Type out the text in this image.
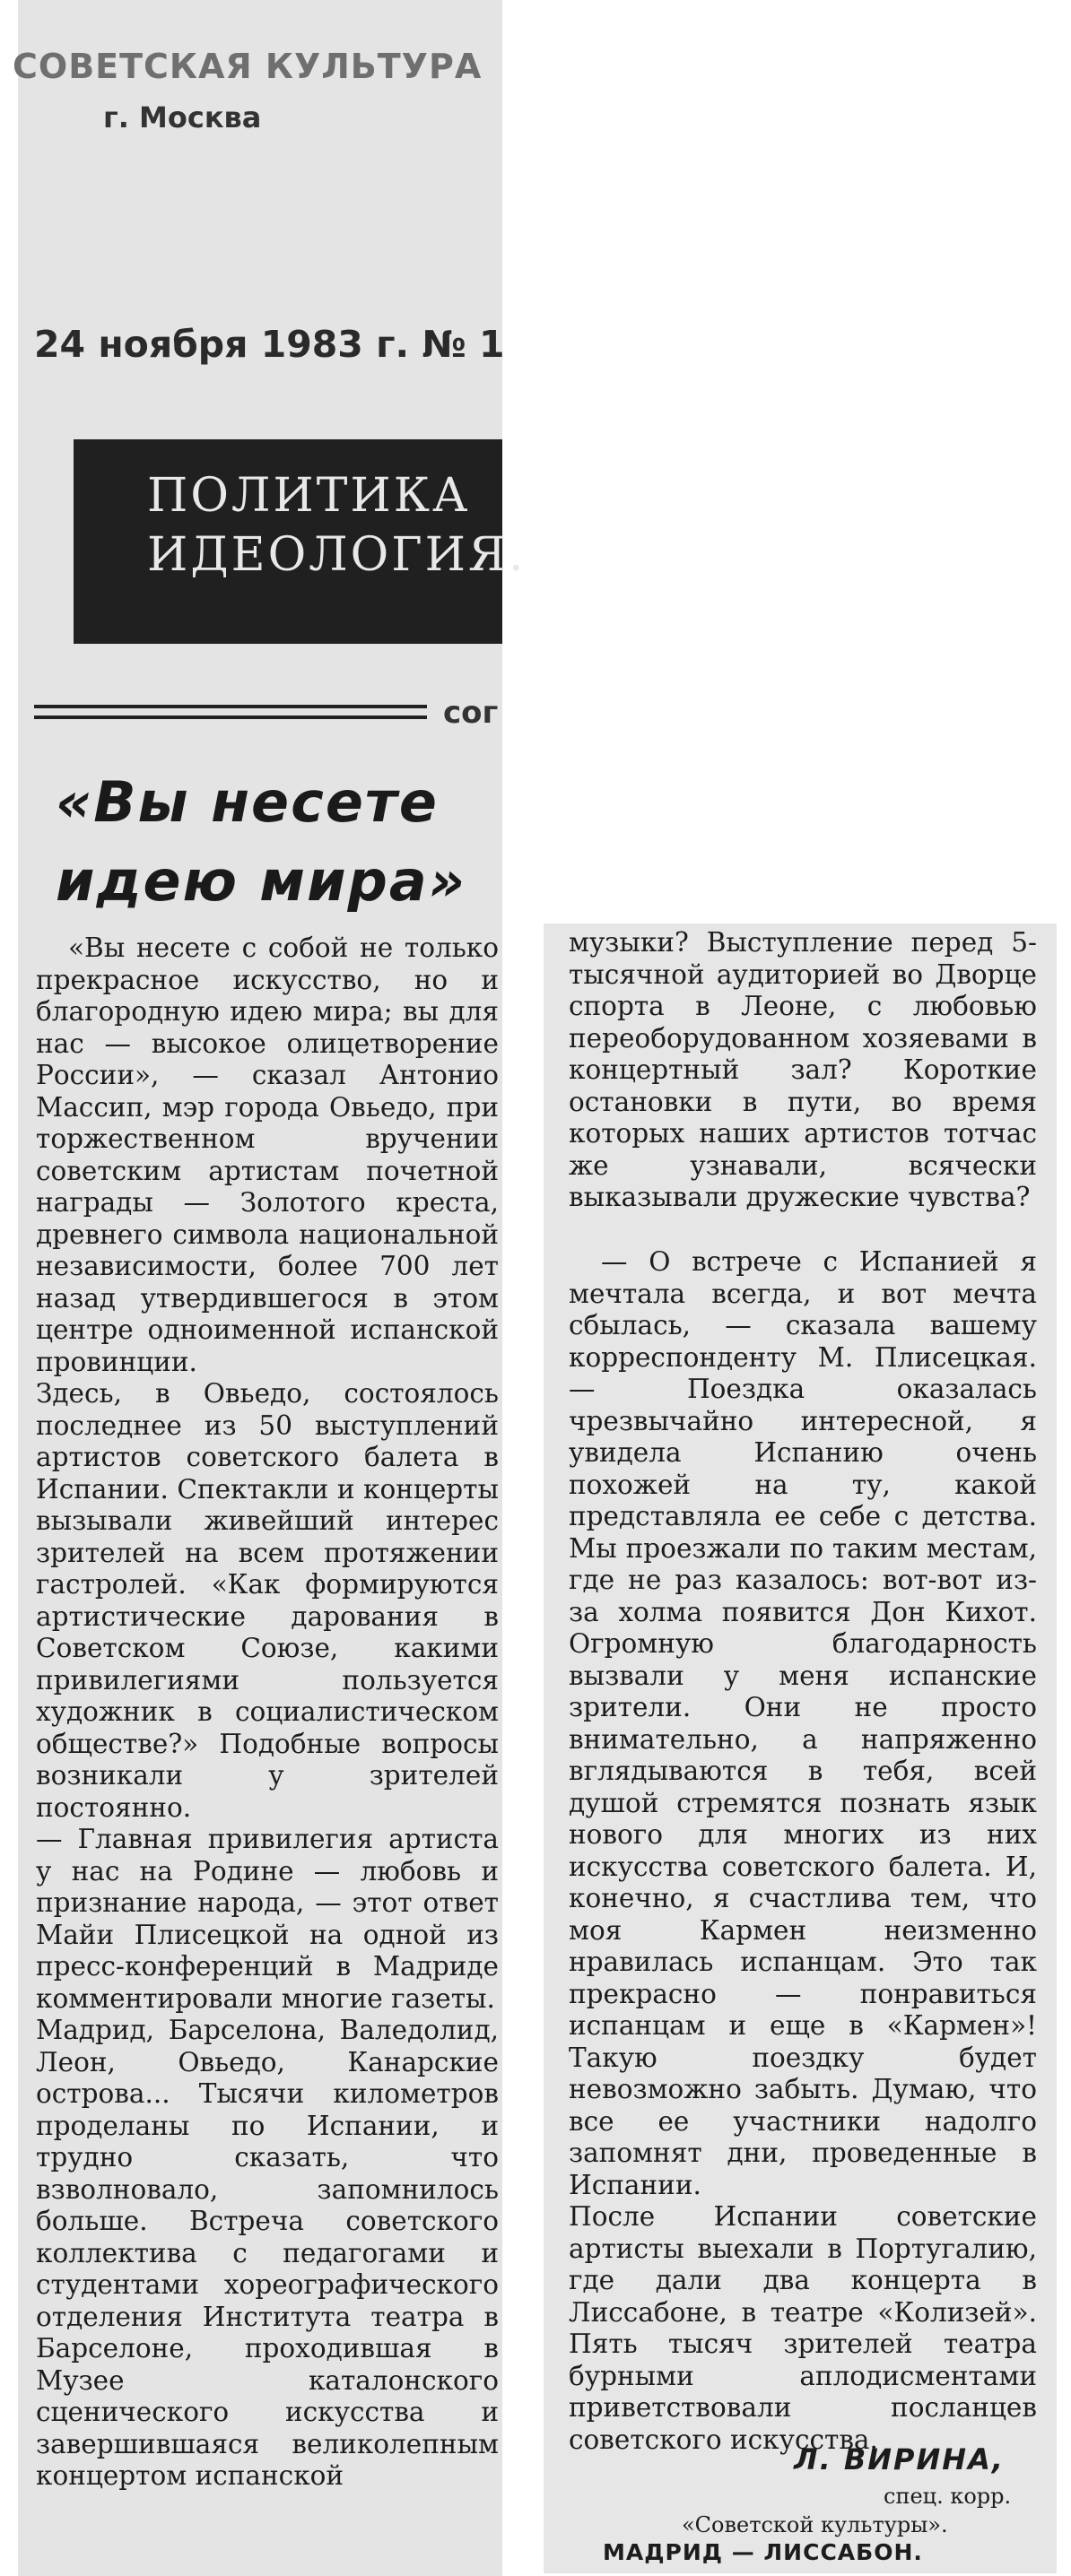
СОВЕТСКАЯ КУЛЬТУРА
г. Москва
24 ноября 1983 г. № 1
ПОЛИТИКА
ИДЕОЛОГИЯ.
сог
«Вы несете
идею мира»

«Вы несете с собой не только прекрасное искусство, но и благородную идею мира; вы для нас — высокое олицетворение России», — сказал Антонио Массип, мэр города Овьедо, при торжественном вручении советским артистам почетной награды — Золотого креста, древнего символа национальной независимости, более 700 лет назад утвердившегося в этом центре одноименной испанской провинции.
Здесь, в Овьедо, состоялось последнее из 50 выступлений артистов советского балета в Испании. Спектакли и концерты вызывали живейший интерес зрителей на всем протяжении гастролей. «Как формируются артистические дарования в Советском Союзе, какими привилегиями пользуется художник в социалистическом обществе?» Подобные вопросы возникали у зрителей постоянно.
— Главная привилегия артиста у нас на Родине — любовь и признание народа, — этот ответ Майи Плисецкой на одной из пресс-конференций в Мадриде комментировали многие газеты.
Мадрид, Барселона, Валедолид, Леон, Овьедо, Канарские острова... Тысячи километров проделаны по Испании, и трудно сказать, что взволновало, запомнилось больше. Встреча советского коллектива с педагогами и студентами хореографического отделения Института театра в Барселоне, проходившая в Музее каталонского сценического искусства и завершившаяся великолепным концертом испанской

музыки? Выступление перед 5-тысячной аудиторией во Дворце спорта в Леоне, с любовью переоборудованном хозяевами в концертный зал? Короткие остановки в пути, во время которых наших артистов тотчас же узнавали, всячески выказывали дружеские чувства?

— О встрече с Испанией я мечтала всегда, и вот мечта сбылась, — сказала вашему корреспонденту М. Плисецкая. — Поездка оказалась чрезвычайно интересной, я увидела Испанию очень похожей на ту, какой представляла ее себе с детства. Мы проезжали по таким местам, где не раз казалось: вот-вот из-за холма появится Дон Кихот. Огромную благодарность вызвали у меня испанские зрители. Они не просто внимательно, а напряженно вглядываются в тебя, всей душой стремятся познать язык нового для многих из них искусства советского балета. И, конечно, я счастлива тем, что моя Кармен неизменно нравилась испанцам. Это так прекрасно — понравиться испанцам и еще в «Кармен»! Такую поездку будет невозможно забыть. Думаю, что все ее участники надолго запомнят дни, проведенные в Испании.
После Испании советские артисты выехали в Португалию, где дали два концерта в Лиссабоне, в театре «Колизей». Пять тысяч зрителей театра бурными аплодисментами приветствовали посланцев советского искусства.

Л. ВИРИНА,
спец. корр.
«Советской культуры».
МАДРИД — ЛИССАБОН.
